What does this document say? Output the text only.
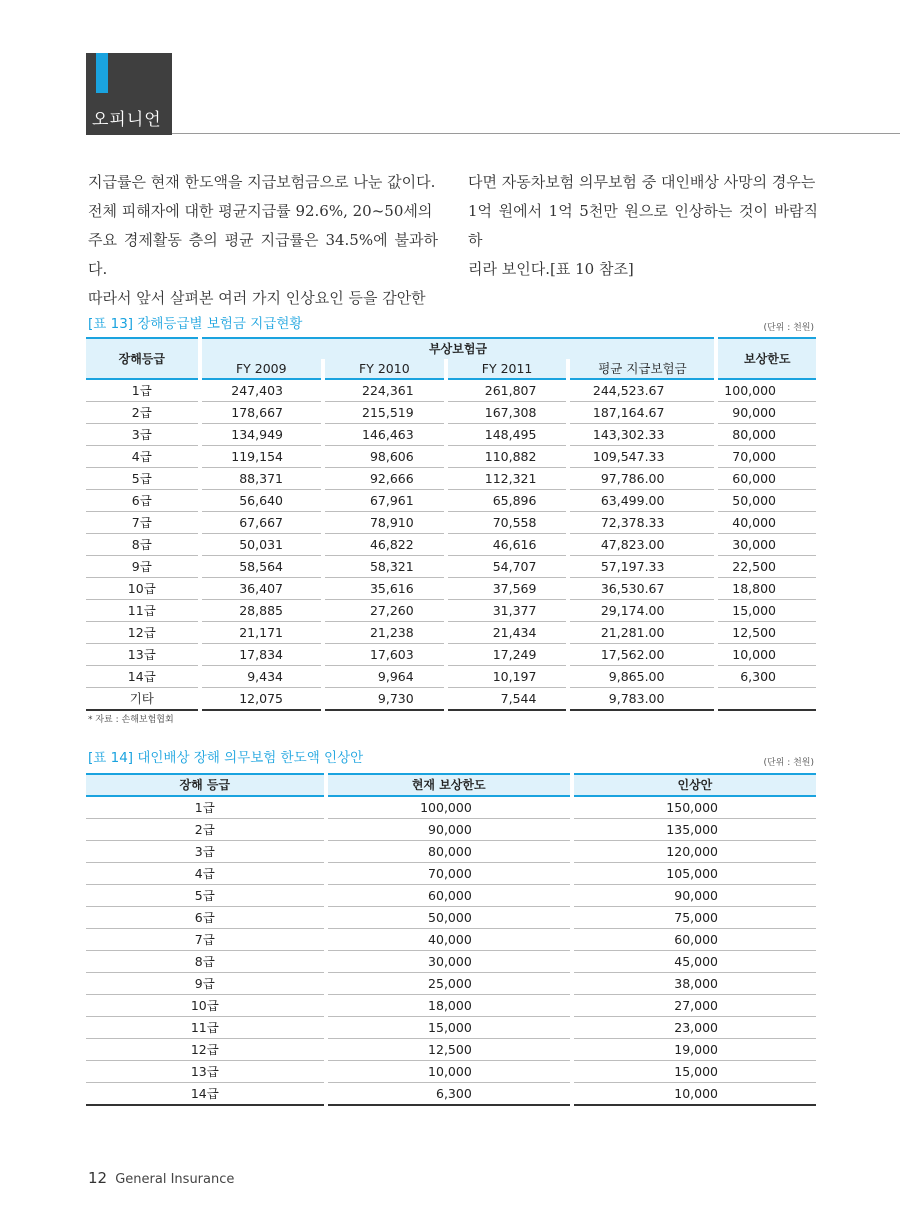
오피니언

지급률은 현재 한도액을 지급보험금으로 나눈 값이다.

전체 피해자에 대한 평균지급률 92.6%, 20~50세의

주요 경제활동 층의 평균 지급률은 34.5%에 불과하다.

따라서 앞서 살펴본 여러 가지 인상요인 등을 감안한

다면 자동차보험 의무보험 중 대인배상 사망의 경우는

1억 원에서 1억 5천만 원으로 인상하는 것이 바람직하

리라 보인다.[표 10 참조]

[표 13] 장해등급별 보험금 지급현황	(단위 : 천원)
장해등급	부상보험금				보상한도
	FY 2009	FY 2010	FY 2011	평균 지급보험금	
1급	247,403	224,361	261,807	244,523.67	100,000
2급	178,667	215,519	167,308	187,164.67	90,000
3급	134,949	146,463	148,495	143,302.33	80,000
4급	119,154	98,606	110,882	109,547.33	70,000
5급	88,371	92,666	112,321	97,786.00	60,000
6급	56,640	67,961	65,896	63,499.00	50,000
7급	67,667	78,910	70,558	72,378.33	40,000
8급	50,031	46,822	46,616	47,823.00	30,000
9급	58,564	58,321	54,707	57,197.33	22,500
10급	36,407	35,616	37,569	36,530.67	18,800
11급	28,885	27,260	31,377	29,174.00	15,000
12급	21,171	21,238	21,434	21,281.00	12,500
13급	17,834	17,603	17,249	17,562.00	10,000
14급	9,434	9,964	10,197	9,865.00	6,300
기타	12,075	9,730	7,544	9,783.00	
* 자료 : 손해보험협회
[표 14] 대인배상 장해 의무보험 한도액 인상안	(단위 : 천원)
장해 등급	현재 보상한도	인상안
1급	100,000	150,000
2급	90,000	135,000
3급	80,000	120,000
4급	70,000	105,000
5급	60,000	90,000
6급	50,000	75,000
7급	40,000	60,000
8급	30,000	45,000
9급	25,000	38,000
10급	18,000	27,000
11급	15,000	23,000
12급	12,500	19,000
13급	10,000	15,000
14급	6,300	10,000
12 General Insurance
